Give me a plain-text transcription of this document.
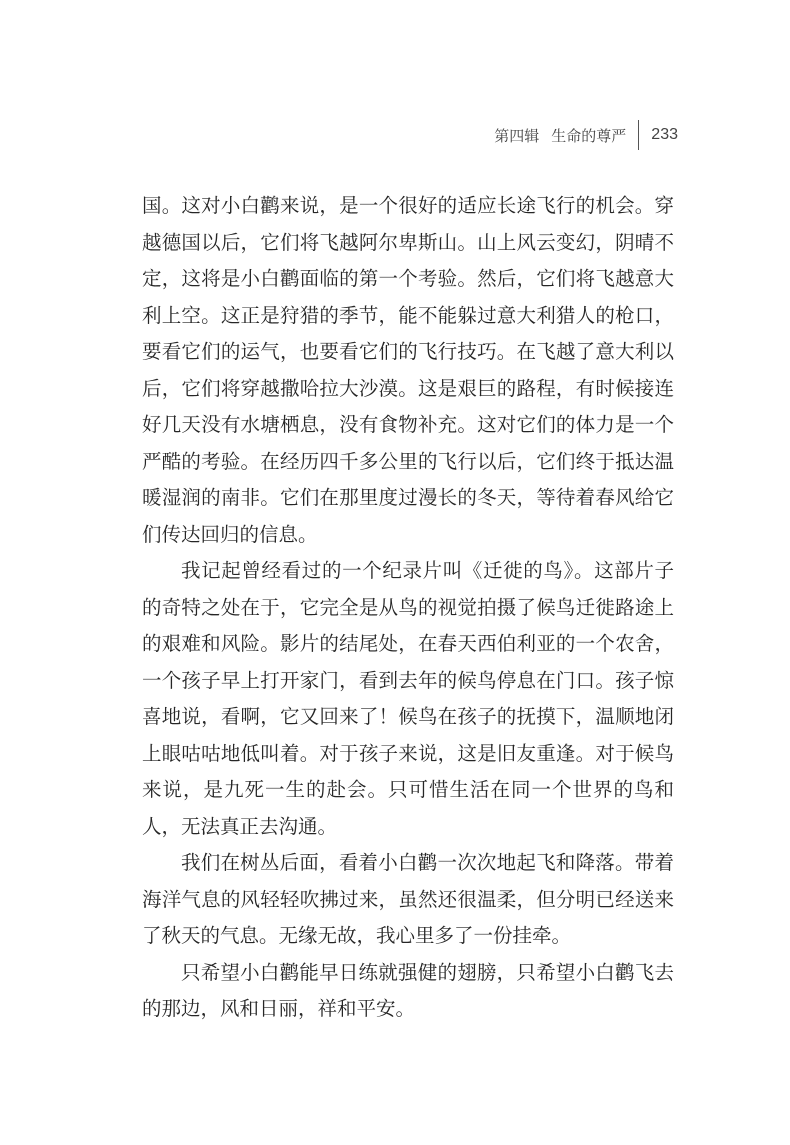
第四辑 生命的尊严 233

国。这对小白鹳来说，是一个很好的适应长途飞行的机会。穿越德国以后，它们将飞越阿尔卑斯山。山上风云变幻，阴晴不定，这将是小白鹳面临的第一个考验。然后，它们将飞越意大利上空。这正是狩猎的季节，能不能躲过意大利猎人的枪口，要看它们的运气，也要看它们的飞行技巧。在飞越了意大利以后，它们将穿越撒哈拉大沙漠。这是艰巨的路程，有时候接连好几天没有水塘栖息，没有食物补充。这对它们的体力是一个严酷的考验。在经历四千多公里的飞行以后，它们终于抵达温暖湿润的南非。它们在那里度过漫长的冬天，等待着春风给它们传达回归的信息。

我记起曾经看过的一个纪录片叫《迁徙的鸟》。这部片子的奇特之处在于，它完全是从鸟的视觉拍摄了候鸟迁徙路途上的艰难和风险。影片的结尾处，在春天西伯利亚的一个农舍，一个孩子早上打开家门，看到去年的候鸟停息在门口。孩子惊喜地说，看啊，它又回来了！候鸟在孩子的抚摸下，温顺地闭上眼咕咕地低叫着。对于孩子来说，这是旧友重逢。对于候鸟来说，是九死一生的赴会。只可惜生活在同一个世界的鸟和人，无法真正去沟通。

我们在树丛后面，看着小白鹳一次次地起飞和降落。带着海洋气息的风轻轻吹拂过来，虽然还很温柔，但分明已经送来了秋天的气息。无缘无故，我心里多了一份挂牵。

只希望小白鹳能早日练就强健的翅膀，只希望小白鹳飞去的那边，风和日丽，祥和平安。
